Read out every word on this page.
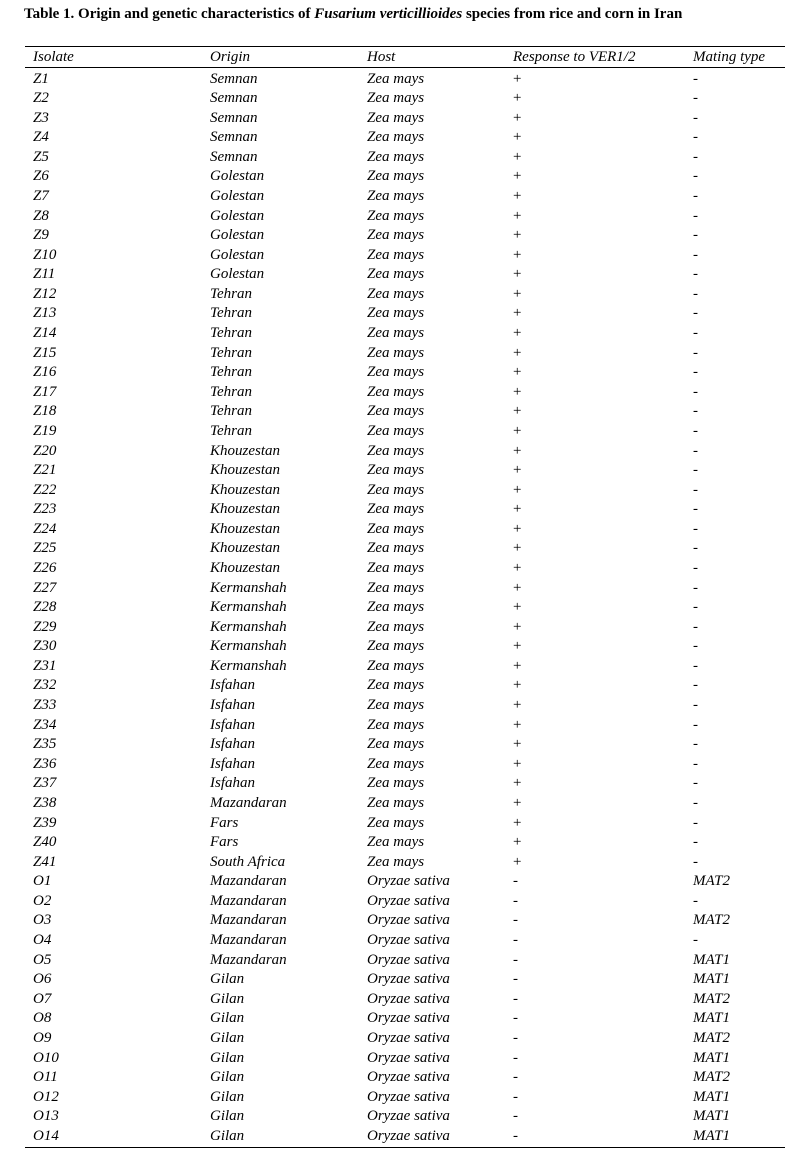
Table 1. Origin and genetic characteristics of Fusarium verticillioides species from rice and corn in Iran
Isolate	Origin	Host	Response to VER1/2	Mating type
Z1	Semnan	Zea mays	+	-
Z2	Semnan	Zea mays	+	-
Z3	Semnan	Zea mays	+	-
Z4	Semnan	Zea mays	+	-
Z5	Semnan	Zea mays	+	-
Z6	Golestan	Zea mays	+	-
Z7	Golestan	Zea mays	+	-
Z8	Golestan	Zea mays	+	-
Z9	Golestan	Zea mays	+	-
Z10	Golestan	Zea mays	+	-
Z11	Golestan	Zea mays	+	-
Z12	Tehran	Zea mays	+	-
Z13	Tehran	Zea mays	+	-
Z14	Tehran	Zea mays	+	-
Z15	Tehran	Zea mays	+	-
Z16	Tehran	Zea mays	+	-
Z17	Tehran	Zea mays	+	-
Z18	Tehran	Zea mays	+	-
Z19	Tehran	Zea mays	+	-
Z20	Khouzestan	Zea mays	+	-
Z21	Khouzestan	Zea mays	+	-
Z22	Khouzestan	Zea mays	+	-
Z23	Khouzestan	Zea mays	+	-
Z24	Khouzestan	Zea mays	+	-
Z25	Khouzestan	Zea mays	+	-
Z26	Khouzestan	Zea mays	+	-
Z27	Kermanshah	Zea mays	+	-
Z28	Kermanshah	Zea mays	+	-
Z29	Kermanshah	Zea mays	+	-
Z30	Kermanshah	Zea mays	+	-
Z31	Kermanshah	Zea mays	+	-
Z32	Isfahan	Zea mays	+	-
Z33	Isfahan	Zea mays	+	-
Z34	Isfahan	Zea mays	+	-
Z35	Isfahan	Zea mays	+	-
Z36	Isfahan	Zea mays	+	-
Z37	Isfahan	Zea mays	+	-
Z38	Mazandaran	Zea mays	+	-
Z39	Fars	Zea mays	+	-
Z40	Fars	Zea mays	+	-
Z41	South Africa	Zea mays	+	-
O1	Mazandaran	Oryzae sativa	-	MAT2
O2	Mazandaran	Oryzae sativa	-	-
O3	Mazandaran	Oryzae sativa	-	MAT2
O4	Mazandaran	Oryzae sativa	-	-
O5	Mazandaran	Oryzae sativa	-	MAT1
O6	Gilan	Oryzae sativa	-	MAT1
O7	Gilan	Oryzae sativa	-	MAT2
O8	Gilan	Oryzae sativa	-	MAT1
O9	Gilan	Oryzae sativa	-	MAT2
O10	Gilan	Oryzae sativa	-	MAT1
O11	Gilan	Oryzae sativa	-	MAT2
O12	Gilan	Oryzae sativa	-	MAT1
O13	Gilan	Oryzae sativa	-	MAT1
O14	Gilan	Oryzae sativa	-	MAT1
